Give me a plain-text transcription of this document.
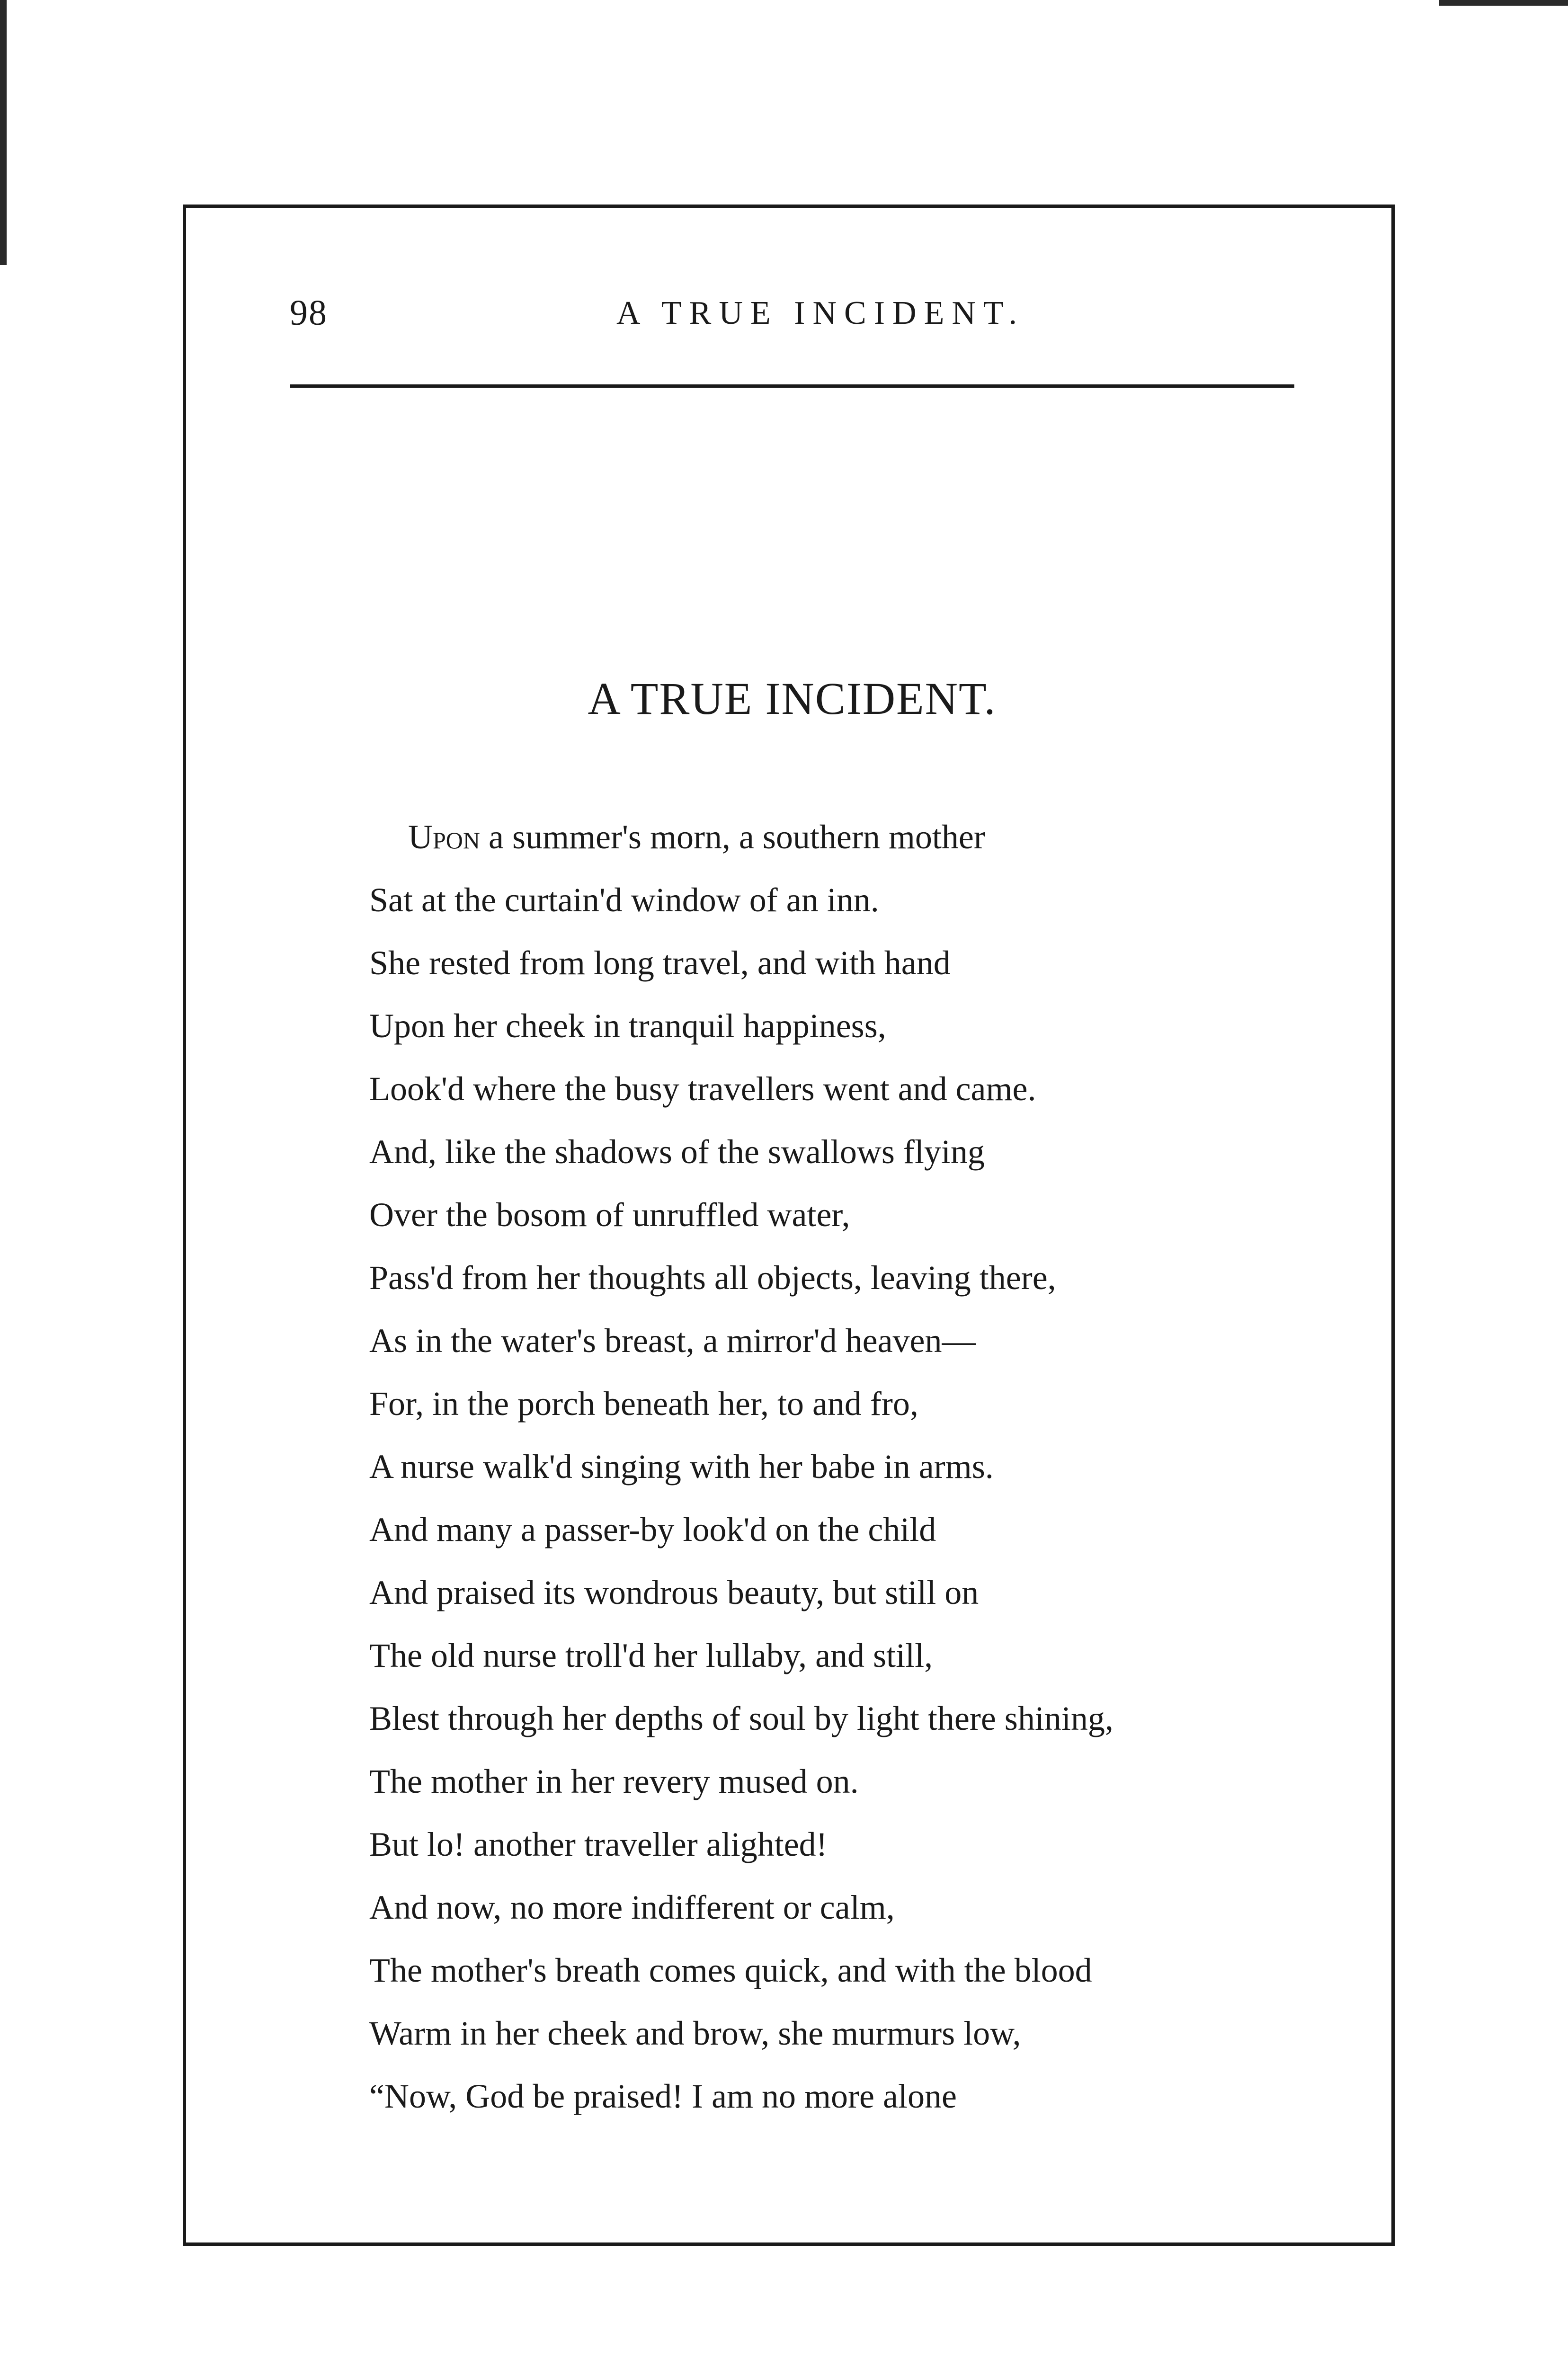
98	A TRUE INCIDENT.
A TRUE INCIDENT.
Upon a summer's morn, a southern mother
Sat at the curtain'd window of an inn.
She rested from long travel, and with hand
Upon her cheek in tranquil happiness,
Look'd where the busy travellers went and came.
And, like the shadows of the swallows flying
Over the bosom of unruffled water,
Pass'd from her thoughts all objects, leaving there,
As in the water's breast, a mirror'd heaven—
For, in the porch beneath her, to and fro,
A nurse walk'd singing with her babe in arms.
And many a passer-by look'd on the child
And praised its wondrous beauty, but still on
The old nurse troll'd her lullaby, and still,
Blest through her depths of soul by light there shining,
The mother in her revery mused on.
But lo! another traveller alighted!
And now, no more indifferent or calm,
The mother's breath comes quick, and with the blood
Warm in her cheek and brow, she murmurs low,
“Now, God be praised! I am no more alone
